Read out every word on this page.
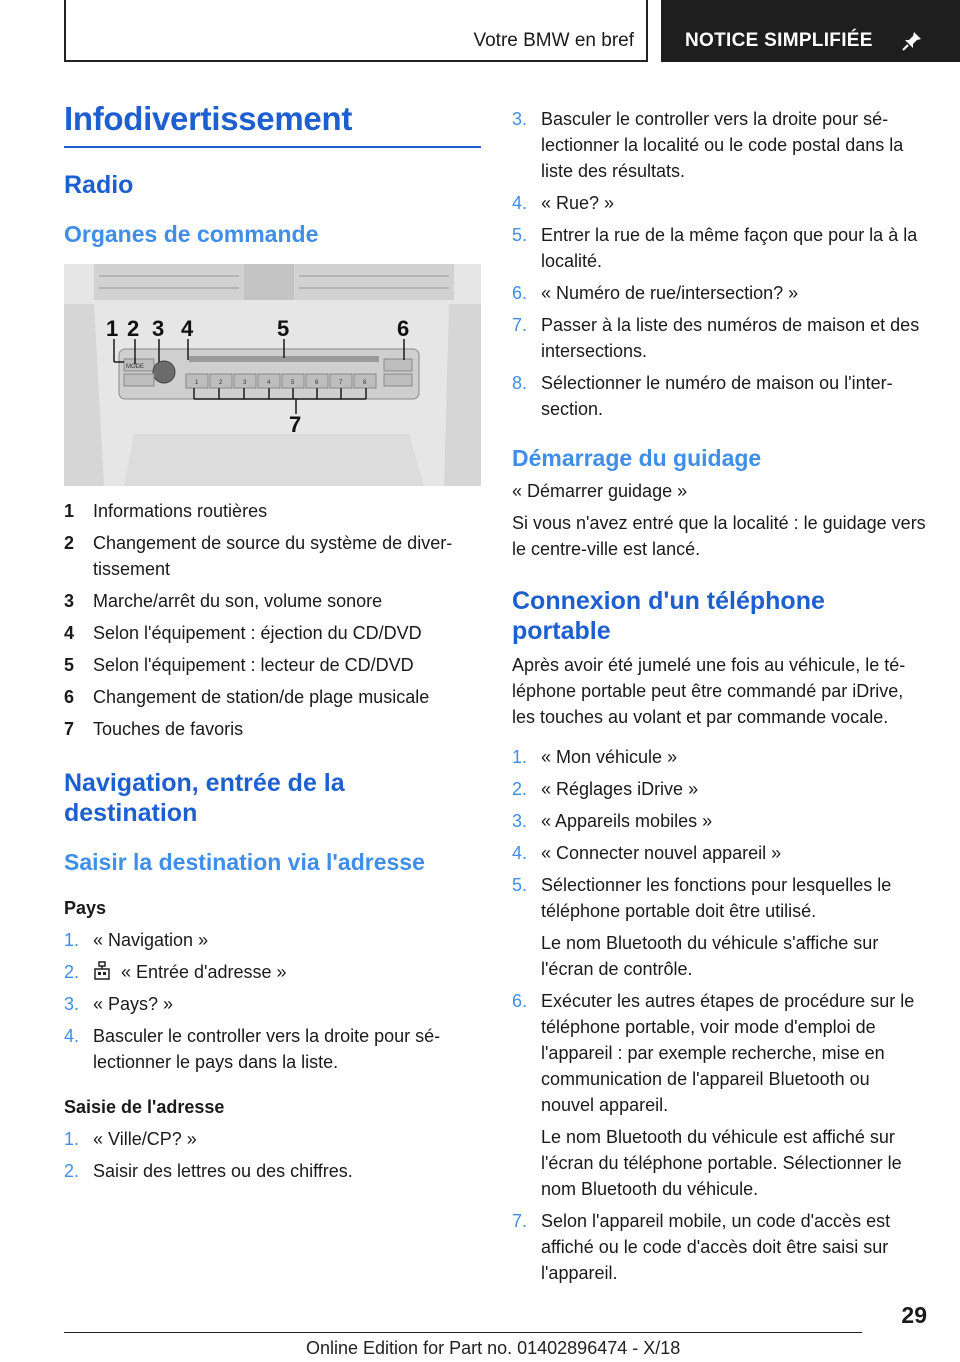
Votre BMW en bref	NOTICE SIMPLIFIÉE
Infodivertissement
Radio
Organes de commande
MODE
1	2	3	4	5	6	7	8
1 2 3 4	5	6
7
1	Informations routières
2	Changement de source du système de divertissement
3	Marche/arrêt du son, volume sonore
4	Selon l'équipement : éjection du CD/DVD
5	Selon l'équipement : lecteur de CD/DVD
6	Changement de station/de plage musicale
7	Touches de favoris
Navigation, entrée de la destination
Saisir la destination via l'adresse
Pays
1. « Navigation »
2.	« Entrée d'adresse »
3. « Pays? »
4. Basculer le controller vers la droite pour sélectionner le pays dans la liste.
Saisie de l'adresse
1. « Ville/CP? »
2. Saisir des lettres ou des chiffres.
3. Basculer le controller vers la droite pour sélectionner la localité ou le code postal dans la liste des résultats.
4. « Rue? »
5. Entrer la rue de la même façon que pour la à la localité.
6. « Numéro de rue/intersection? »
7. Passer à la liste des numéros de maison et des intersections.
8. Sélectionner le numéro de maison ou l'intersection.
Démarrage du guidage
« Démarrer guidage »
Si vous n'avez entré que la localité : le guidage vers le centre-ville est lancé.
Connexion d'un téléphone portable
Après avoir été jumelé une fois au véhicule, le téléphone portable peut être commandé par iDrive, les touches au volant et par commande vocale.
1. « Mon véhicule »
2. « Réglages iDrive »
3. « Appareils mobiles »
4. « Connecter nouvel appareil »
5. Sélectionner les fonctions pour lesquelles le téléphone portable doit être utilisé.
Le nom Bluetooth du véhicule s'affiche sur l'écran de contrôle.
6. Exécuter les autres étapes de procédure sur le téléphone portable, voir mode d'emploi de l'appareil : par exemple recherche, mise en communication de l'appareil Bluetooth ou nouvel appareil.
Le nom Bluetooth du véhicule est affiché sur l'écran du téléphone portable. Sélectionner le nom Bluetooth du véhicule.
7. Selon l'appareil mobile, un code d'accès est affiché ou le code d'accès doit être saisi sur l'appareil.
29
Online Edition for Part no. 01402896474 - X/18
